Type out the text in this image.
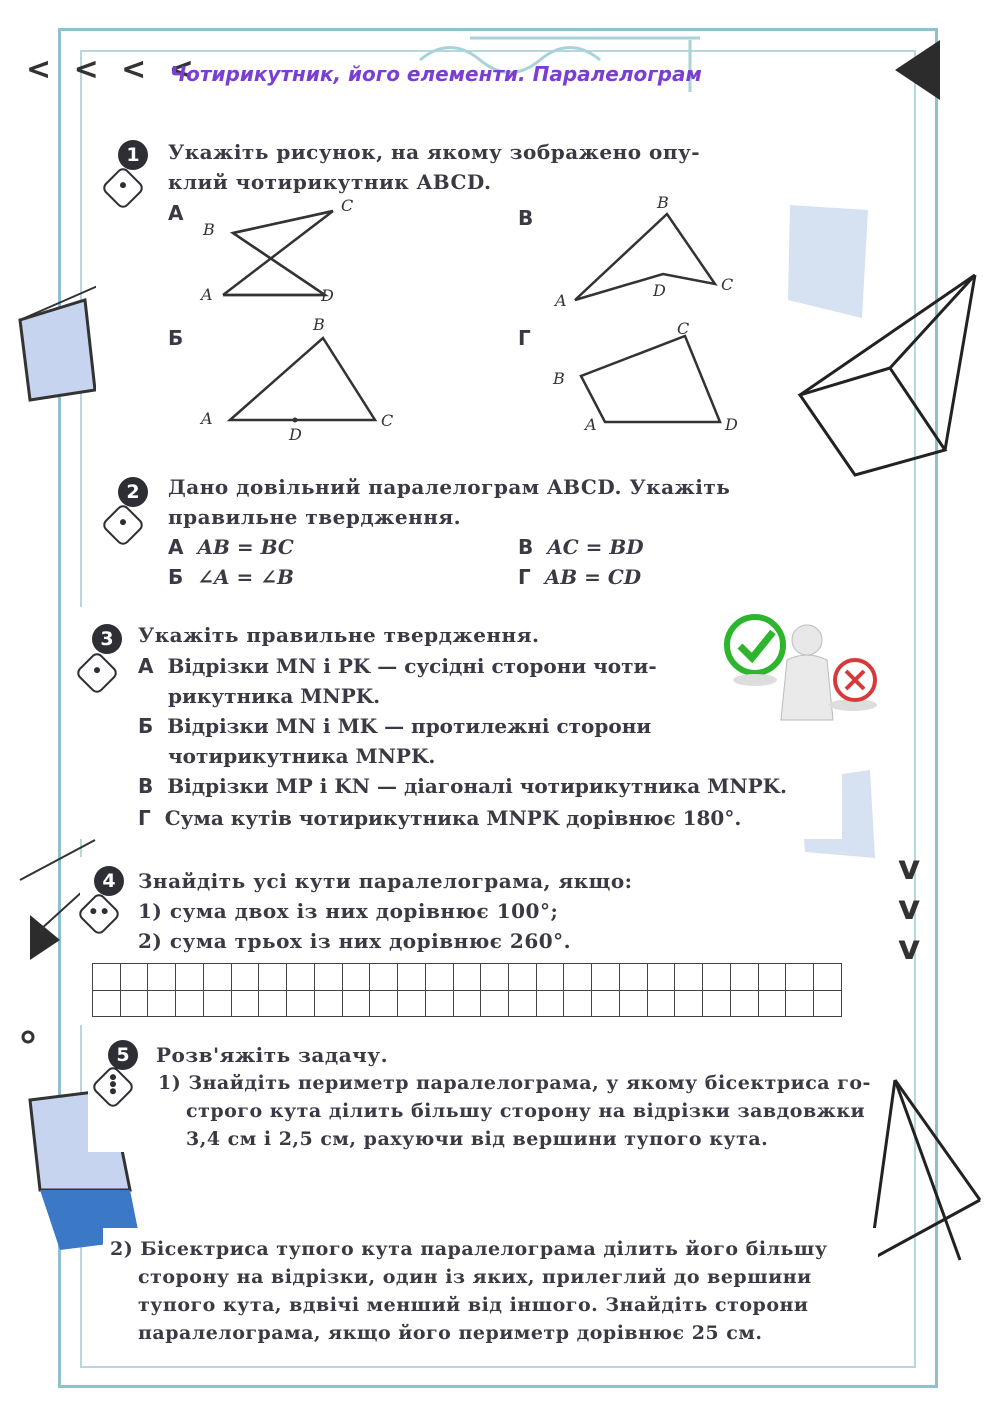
< < < <
Чотирикутник, його елементи. Паралелограм
1	Укажіть рисунок, на якому зображено опу-
клий чотирикутник ABCD.
А
A
B
C
D
Б
A
B
C
D
В
A
B
C
D
Г
A
B
C
D
2	Дано довільний паралелограм ABCD. Укажіть
правильне твердження.
А AB = BC
Б ∠A = ∠B
В AC = BD
Г AB = CD
3	Укажіть правильне твердження.
А Відрізки MN і PK — сусідні сторони чоти-
рикутника MNPK.
Б Відрізки MN і MK — протилежні сторони
чотирикутника MNPK.
В Відрізки MP і KN — діагоналі чотирикутника MNPK.
Г Сума кутів чотирикутника MNPK дорівнює 180°.
4	Знайдіть усі кути паралелограма, якщо:
1) сума двох із них дорівнює 100°;
2) сума трьох із них дорівнює 260°.

v
v
v
5	Розв'яжіть задачу.
1) Знайдіть периметр паралелограма, у якому бісектриса го-
строго кута ділить більшу сторону на відрізки завдовжки
3,4 см і 2,5 см, рахуючи від вершини тупого кута.
2) Бісектриса тупого кута паралелограма ділить його більшу
сторону на відрізки, один із яких, прилеглий до вершини
тупого кута, вдвічі менший від іншого. Знайдіть сторони
паралелограма, якщо його периметр дорівнює 25 см.
